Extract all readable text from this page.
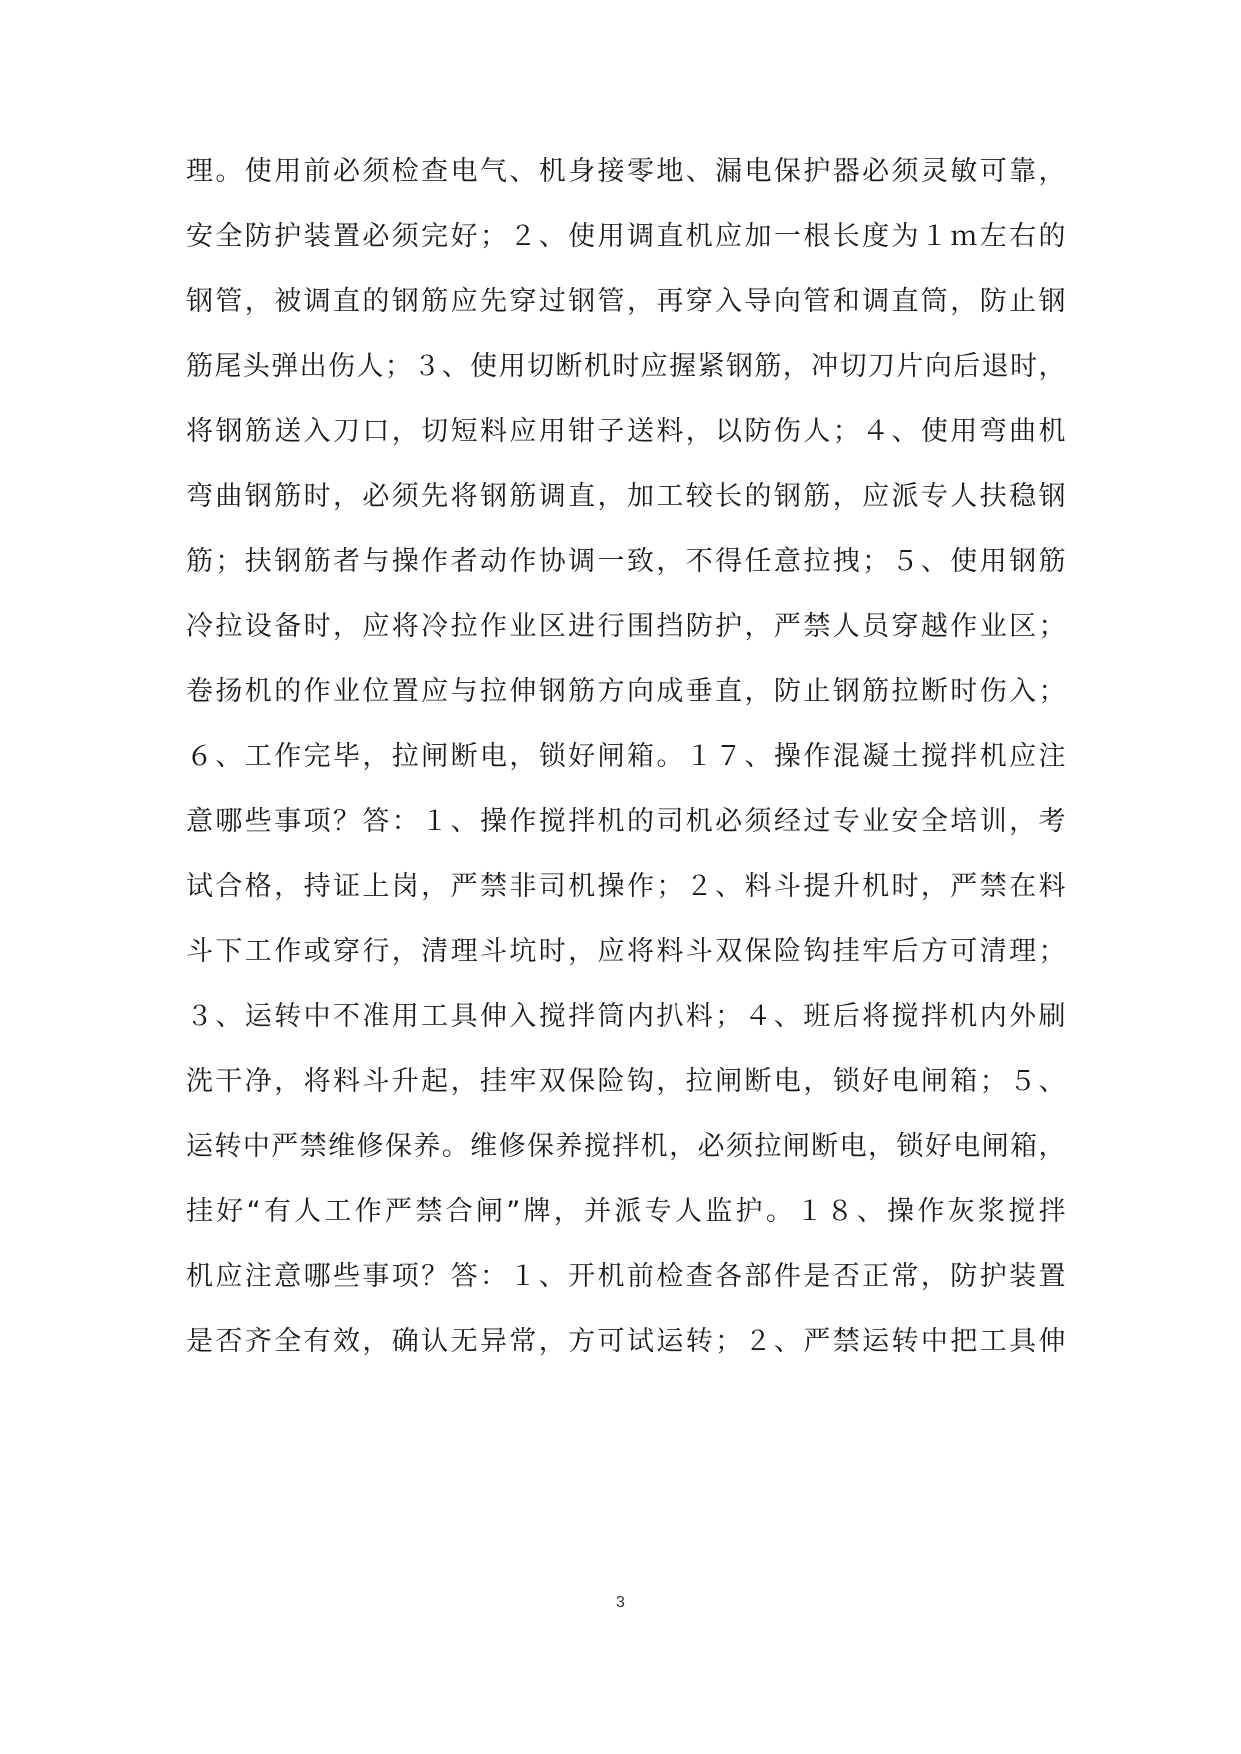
理。使用前必须检查电气、机身接零地、漏电保护器必须灵敏可靠，
安全防护装置必须完好；２、使用调直机应加一根长度为１ｍ左右的
钢管，被调直的钢筋应先穿过钢管，再穿入导向管和调直筒，防止钢
筋尾头弹出伤人；３、使用切断机时应握紧钢筋，冲切刀片向后退时，
将钢筋送入刀口，切短料应用钳子送料，以防伤人；４、使用弯曲机
弯曲钢筋时，必须先将钢筋调直，加工较长的钢筋，应派专人扶稳钢
筋；扶钢筋者与操作者动作协调一致，不得任意拉拽；５、使用钢筋
冷拉设备时，应将冷拉作业区进行围挡防护，严禁人员穿越作业区；
卷扬机的作业位置应与拉伸钢筋方向成垂直，防止钢筋拉断时伤入；
６、工作完毕，拉闸断电，锁好闸箱。１７、操作混凝土搅拌机应注
意哪些事项？答：１、操作搅拌机的司机必须经过专业安全培训，考
试合格，持证上岗，严禁非司机操作；２、料斗提升机时，严禁在料
斗下工作或穿行，清理斗坑时，应将料斗双保险钩挂牢后方可清理；
３、运转中不准用工具伸入搅拌筒内扒料；４、班后将搅拌机内外刷
洗干净，将料斗升起，挂牢双保险钩，拉闸断电，锁好电闸箱；５、
运转中严禁维修保养。维修保养搅拌机，必须拉闸断电，锁好电闸箱，
挂好“有人工作严禁合闸”牌，并派专人监护。１８、操作灰浆搅拌
机应注意哪些事项？答：１、开机前检查各部件是否正常，防护装置
是否齐全有效，确认无异常，方可试运转；２、严禁运转中把工具伸
3
